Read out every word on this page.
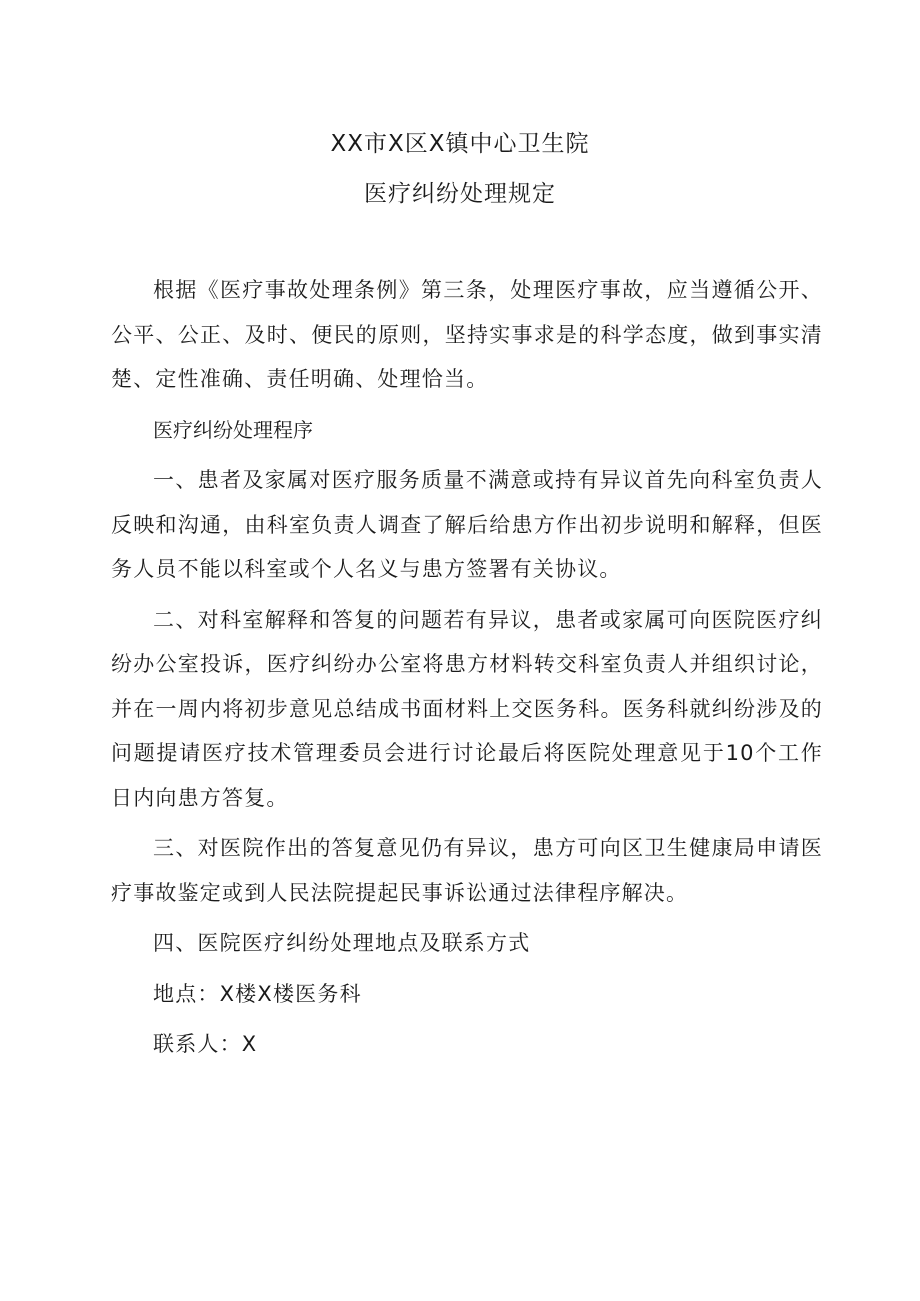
XX市X区X镇中心卫生院
医疗纠纷处理规定

根据《医疗事故处理条例》第三条，处理医疗事故，应当遵循公开、公平、公正、及时、便民的原则，坚持实事求是的科学态度，做到事实清楚、定性准确、责任明确、处理恰当。

医疗纠纷处理程序

一、患者及家属对医疗服务质量不满意或持有异议首先向科室负责人反映和沟通，由科室负责人调查了解后给患方作出初步说明和解释，但医务人员不能以科室或个人名义与患方签署有关协议。

二、对科室解释和答复的问题若有异议，患者或家属可向医院医疗纠纷办公室投诉，医疗纠纷办公室将患方材料转交科室负责人并组织讨论，并在一周内将初步意见总结成书面材料上交医务科。医务科就纠纷涉及的问题提请医疗技术管理委员会进行讨论最后将医院处理意见于10个工作日内向患方答复。

三、对医院作出的答复意见仍有异议，患方可向区卫生健康局申请医疗事故鉴定或到人民法院提起民事诉讼通过法律程序解决。

四、医院医疗纠纷处理地点及联系方式

地点：X楼X楼医务科

联系人：X
